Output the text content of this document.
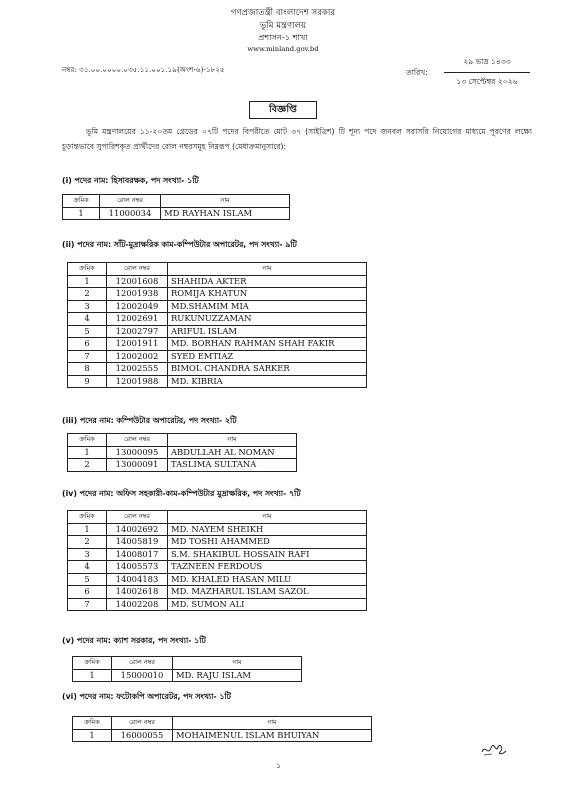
গণপ্রজাতন্ত্রী বাংলাদেশ সরকার
ভূমি মন্ত্রণালয়
প্রশাসন-১ শাখা
www.minland.gov.bd
নম্বর: ৩১.০০.০০০০.০৩৫.১১.০০১.১৯(অংশ-৬)-১৮২৫	তারিখ:
২৯ ভাদ্র ১৪৩৩
১৩ সেপ্টেম্বর ২০২৬
বিজ্ঞপ্তি
ভূমি মন্ত্রণালয়ের ১১-২০তম গ্রেডের ০৭টি পদের বিপরীতে মোট ৩৭ (সাইত্রিশ) টি শূন্য পদে জনবল সরাসরি নিয়োগের মাধ্যমে পূরণের লক্ষ্যে চূড়ান্তভাবে সুপারিশকৃত প্রার্থীদের রোল নম্বরসমূহ নিম্নরূপ (মেধাক্রমানুসারে):
(i) পদের নাম: হিসাবরক্ষক, পদ সংখ্যা- ১টি
ক্রমিক	রোল নম্বর	নাম
1	11000034	MD RAYHAN ISLAM
(ii) পদের নাম: সাঁট-মুদ্রাক্ষরিক কাম-কম্পিউটার অপারেটর, পদ সংখ্যা- ৯টি
ক্রমিক	রোল নম্বর	নাম
1	12001608	SHAHIDA AKTER
2	12001938	ROMIJA KHATUN
3	12002049	MD.SHAMIM MIA
4	12002691	RUKUNUZZAMAN
5	12002797	ARIFUL ISLAM
6	12001911	MD. BORHAN RAHMAN SHAH FAKIR
7	12002002	SYED EMTIAZ
8	12002555	BIMOL CHANDRA SARKER
9	12001988	MD. KIBRIA
(iii) পদের নাম: কম্পিউটার অপারেটর, পদ সংখ্যা- ২টি
ক্রমিক	রোল নম্বর	নাম
1	13000095	ABDULLAH AL NOMAN
2	13000091	TASLIMA SULTANA
(iv) পদের নাম: অফিস সহকারী-কাম-কম্পিউটার মুদ্রাক্ষরিক, পদ সংখ্যা- ৭টি
ক্রমিক	রোল নম্বর	নাম
1	14002692	MD. NAYEM SHEIKH
2	14005819	MD TOSHI AHAMMED
3	14008017	S.M. SHAKIBUL HOSSAIN RAFI
4	14005573	TAZNEEN FERDOUS
5	14004183	MD. KHALED HASAN MILU
6	14002618	MD. MAZHARUL ISLAM SAZOL
7	14002208	MD. SUMON ALI
(v) পদের নাম: ক্যাশ সরকার, পদ সংখ্যা- ১টি
ক্রমিক	রোল নম্বর	নাম
1	15000010	MD. RAJU ISLAM
(vi) পদের নাম: ফটোকপি অপারেটর, পদ সংখ্যা- ১টি
ক্রমিক	রোল নম্বর	নাম
1	16000055	MOHAIMENUL ISLAM BHUIYAN
১
